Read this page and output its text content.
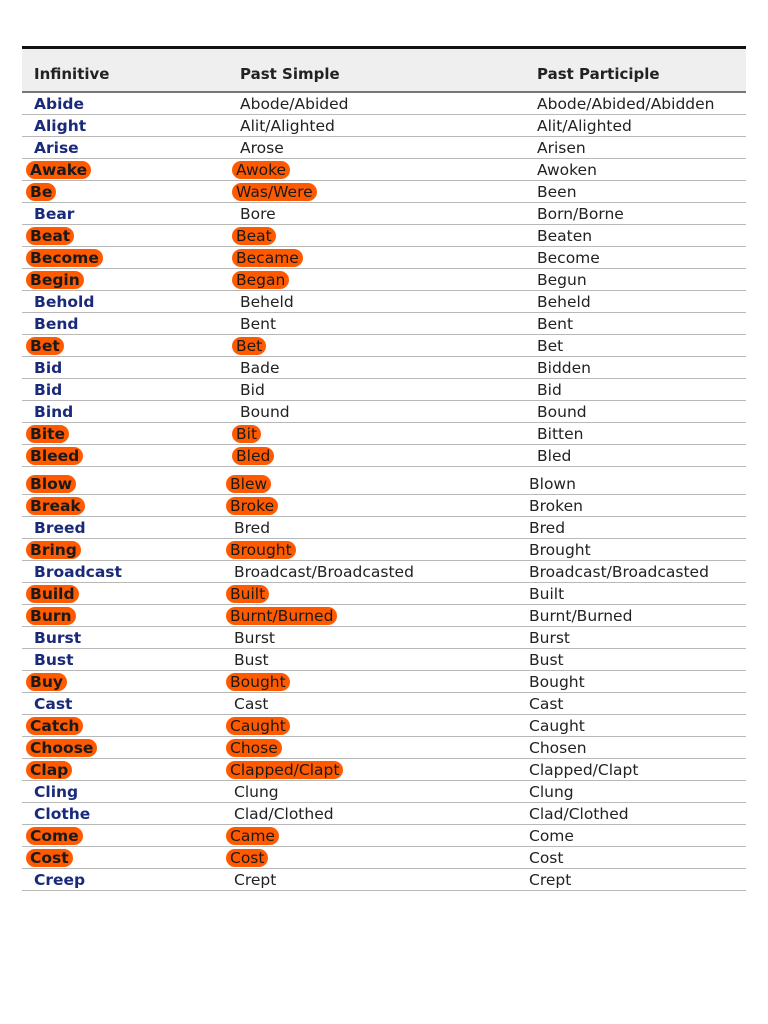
Infinitive	Past Simple	Past Participle
Abide	Abode/Abided	Abode/Abided/Abidden
Alight	Alit/Alighted	Alit/Alighted
Arise	Arose	Arisen
Awake	Awoke	Awoken
Be	Was/Were	Been
Bear	Bore	Born/Borne
Beat	Beat	Beaten
Become	Became	Become
Begin	Began	Begun
Behold	Beheld	Beheld
Bend	Bent	Bent
Bet	Bet	Bet
Bid	Bade	Bidden
Bid	Bid	Bid
Bind	Bound	Bound
Bite	Bit	Bitten
Bleed	Bled	Bled
Blow	Blew	Blown
Break	Broke	Broken
Breed	Bred	Bred
Bring	Brought	Brought
Broadcast	Broadcast/Broadcasted	Broadcast/Broadcasted
Build	Built	Built
Burn	Burnt/Burned	Burnt/Burned
Burst	Burst	Burst
Bust	Bust	Bust
Buy	Bought	Bought
Cast	Cast	Cast
Catch	Caught	Caught
Choose	Chose	Chosen
Clap	Clapped/Clapt	Clapped/Clapt
Cling	Clung	Clung
Clothe	Clad/Clothed	Clad/Clothed
Come	Came	Come
Cost	Cost	Cost
Creep	Crept	Crept
